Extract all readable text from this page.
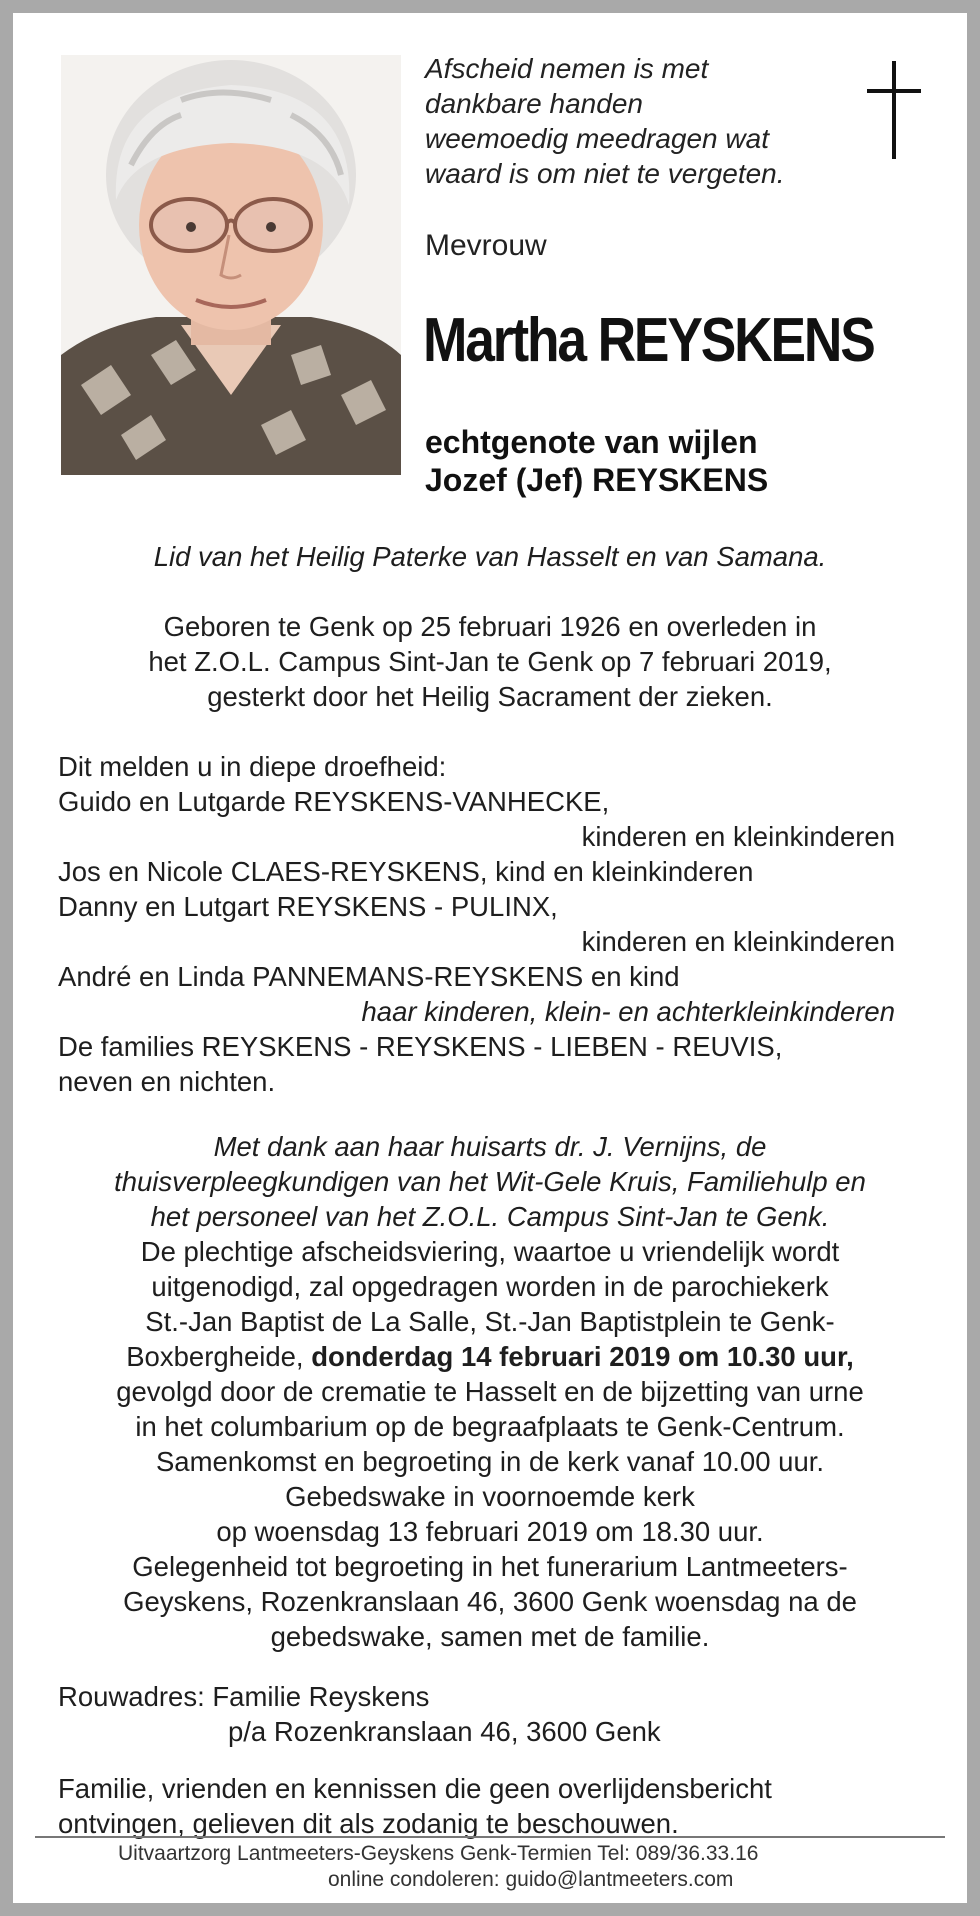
Afscheid nemen is met
dankbare handen
weemoedig meedragen wat
waard is om niet te vergeten.
Mevrouw
Martha REYSKENS
echtgenote van wijlen
Jozef (Jef) REYSKENS
Lid van het Heilig Paterke van Hasselt en van Samana.
Geboren te Genk op 25 februari 1926 en overleden in
het Z.O.L. Campus Sint-Jan te Genk op 7 februari 2019,
gesterkt door het Heilig Sacrament der zieken.
Dit melden u in diepe droefheid:
Guido en Lutgarde REYSKENS-VANHECKE,
kinderen en kleinkinderen
Jos en Nicole CLAES-REYSKENS, kind en kleinkinderen
Danny en Lutgart REYSKENS - PULINX,
kinderen en kleinkinderen
André en Linda PANNEMANS-REYSKENS en kind
haar kinderen, klein- en achterkleinkinderen
De families REYSKENS - REYSKENS - LIEBEN - REUVIS,
neven en nichten.
Met dank aan haar huisarts dr. J. Vernijns, de
thuisverpleegkundigen van het Wit-Gele Kruis, Familiehulp en
het personeel van het Z.O.L. Campus Sint-Jan te Genk.
De plechtige afscheidsviering, waartoe u vriendelijk wordt
uitgenodigd, zal opgedragen worden in de parochiekerk
St.-Jan Baptist de La Salle, St.-Jan Baptistplein te Genk-
Boxbergheide, donderdag 14 februari 2019 om 10.30 uur,
gevolgd door de crematie te Hasselt en de bijzetting van urne
in het columbarium op de begraafplaats te Genk-Centrum.
Samenkomst en begroeting in de kerk vanaf 10.00 uur.
Gebedswake in voornoemde kerk
op woensdag 13 februari 2019 om 18.30 uur.
Gelegenheid tot begroeting in het funerarium Lantmeeters-
Geyskens, Rozenkranslaan 46, 3600 Genk woensdag na de
gebedswake, samen met de familie.
Rouwadres: Familie Reyskens
p/a Rozenkranslaan 46, 3600 Genk
Familie, vrienden en kennissen die geen overlijdensbericht
ontvingen, gelieven dit als zodanig te beschouwen.
Uitvaartzorg Lantmeeters-Geyskens Genk-Termien Tel: 089/36.33.16
online condoleren: guido@lantmeeters.com
